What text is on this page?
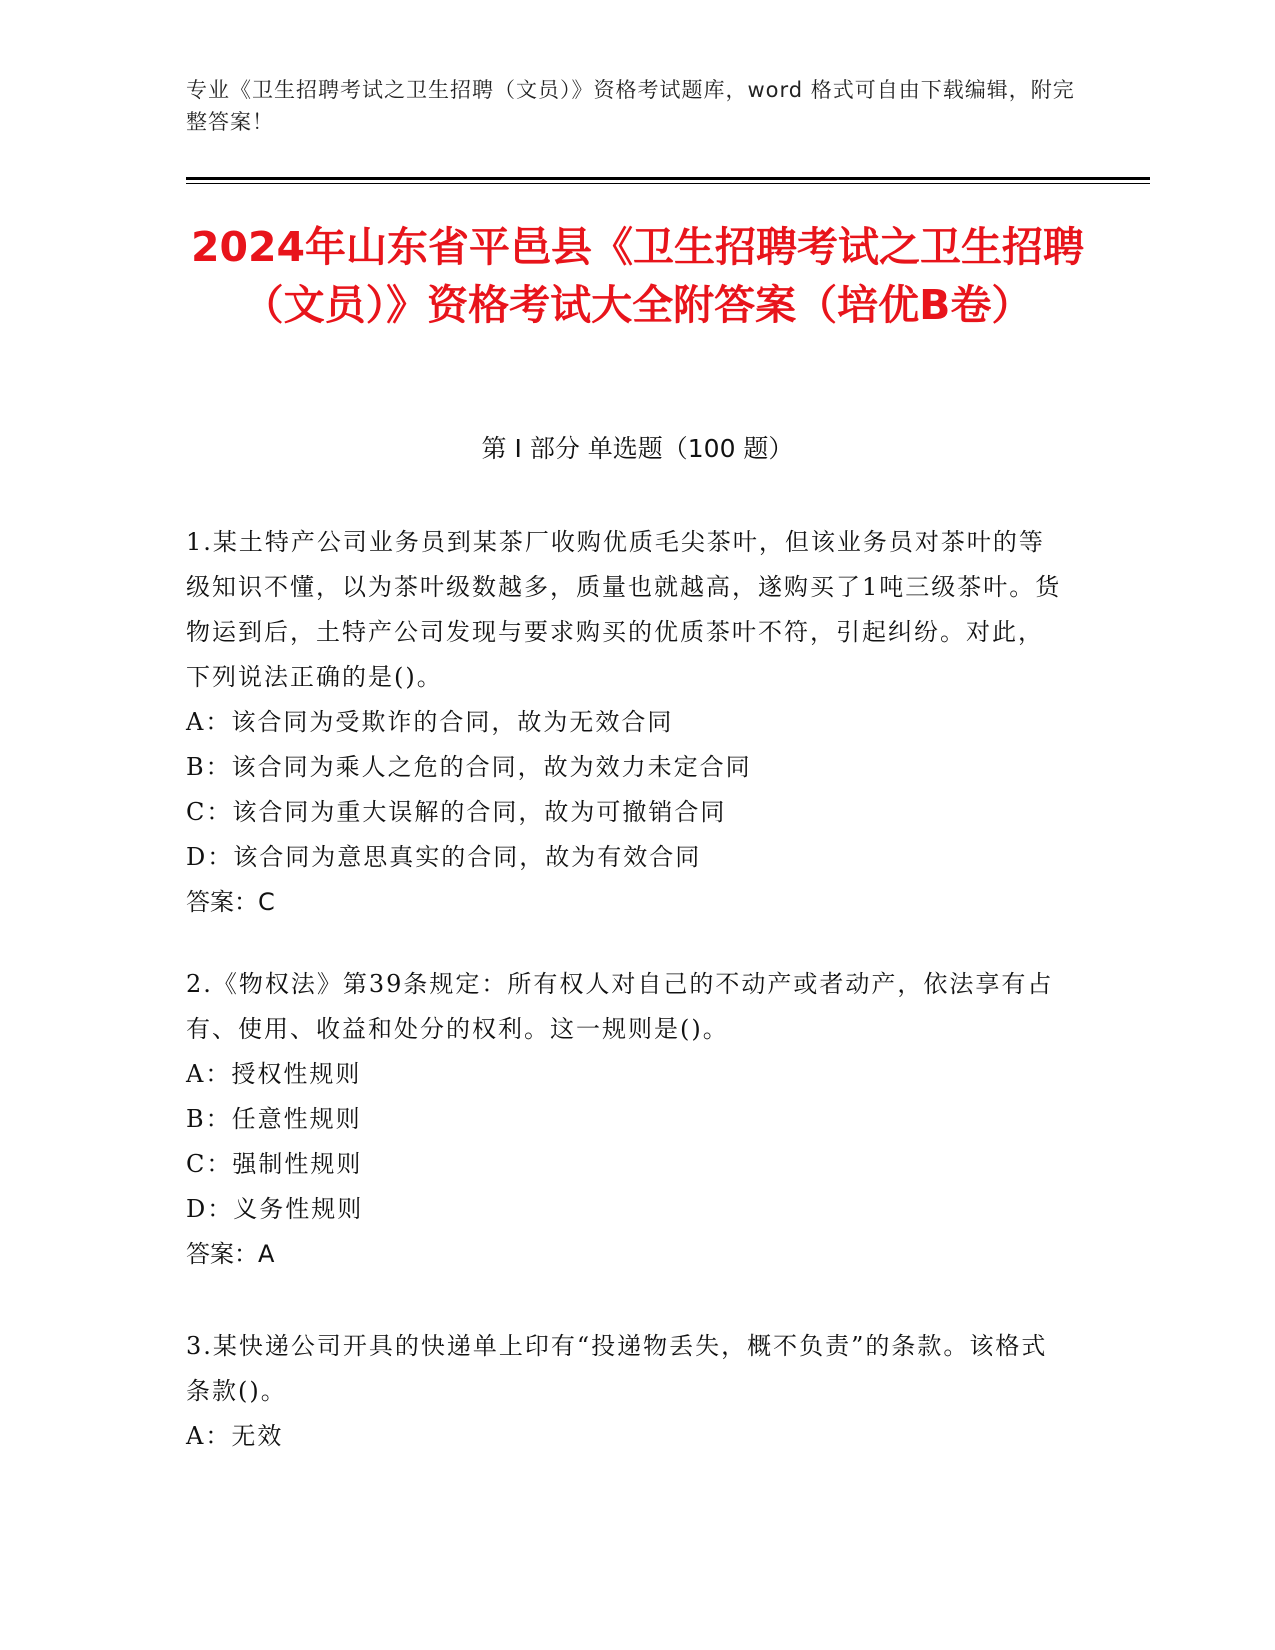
专业《卫生招聘考试之卫生招聘（文员）》资格考试题库，word 格式可自由下载编辑，附完整答案！
2024年山东省平邑县《卫生招聘考试之卫生招聘（文员）》资格考试大全附答案（培优B卷）
第 I 部分 单选题（100 题）

1.某土特产公司业务员到某茶厂收购优质毛尖茶叶，但该业务员对茶叶的等级知识不懂，以为茶叶级数越多，质量也就越高，遂购买了1吨三级茶叶。货物运到后，土特产公司发现与要求购买的优质茶叶不符，引起纠纷。对此，下列说法正确的是()。

A：该合同为受欺诈的合同，故为无效合同

B：该合同为乘人之危的合同，故为效力未定合同

C：该合同为重大误解的合同，故为可撤销合同

D：该合同为意思真实的合同，故为有效合同

答案：C

2.《物权法》第39条规定：所有权人对自己的不动产或者动产，依法享有占有、使用、收益和处分的权利。这一规则是()。

A：授权性规则

B：任意性规则

C：强制性规则

D：义务性规则

答案：A

3.某快递公司开具的快递单上印有“投递物丢失，概不负责”的条款。该格式条款()。

A：无效
